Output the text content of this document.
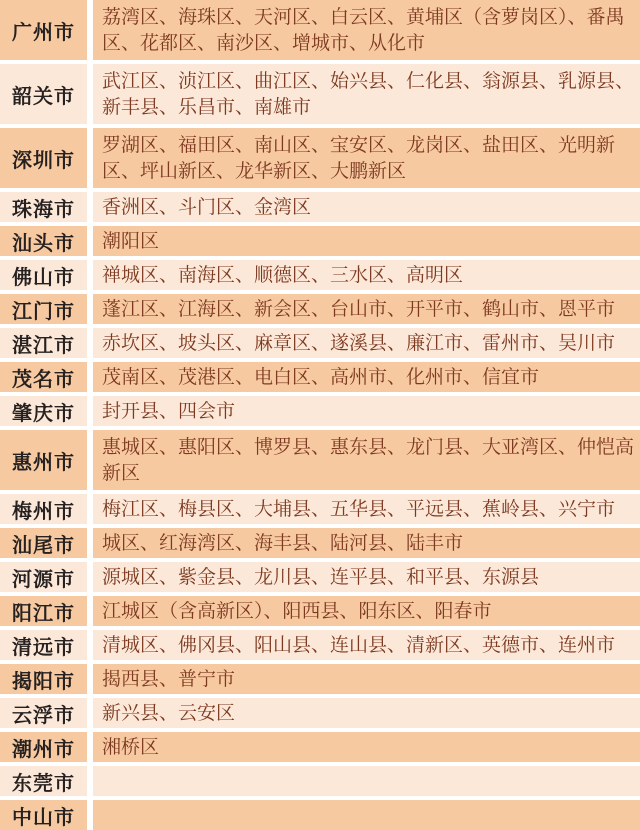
广州市
荔湾区、海珠区、天河区、白云区、黄埔区（含萝岗区）、番禺区、花都区、南沙区、增城市、从化市
韶关市
武江区、浈江区、曲江区、始兴县、仁化县、翁源县、乳源县、新丰县、乐昌市、南雄市
深圳市
罗湖区、福田区、南山区、宝安区、龙岗区、盐田区、光明新区、坪山新区、龙华新区、大鹏新区
珠海市 香洲区、斗门区、金湾区
汕头市 潮阳区
佛山市 禅城区、南海区、顺德区、三水区、高明区
江门市 蓬江区、江海区、新会区、台山市、开平市、鹤山市、恩平市
湛江市 赤坎区、坡头区、麻章区、遂溪县、廉江市、雷州市、吴川市
茂名市 茂南区、茂港区、电白区、高州市、化州市、信宜市
肇庆市 封开县、四会市
惠州市
惠城区、惠阳区、博罗县、惠东县、龙门县、大亚湾区、仲恺高新区
梅州市 梅江区、梅县区、大埔县、五华县、平远县、蕉岭县、兴宁市
汕尾市 城区、红海湾区、海丰县、陆河县、陆丰市
河源市 源城区、紫金县、龙川县、连平县、和平县、东源县
阳江市 江城区（含高新区）、阳西县、阳东区、阳春市
清远市 清城区、佛冈县、阳山县、连山县、清新区、英德市、连州市
揭阳市 揭西县、普宁市
云浮市 新兴县、云安区
潮州市 湘桥区
东莞市
中山市
